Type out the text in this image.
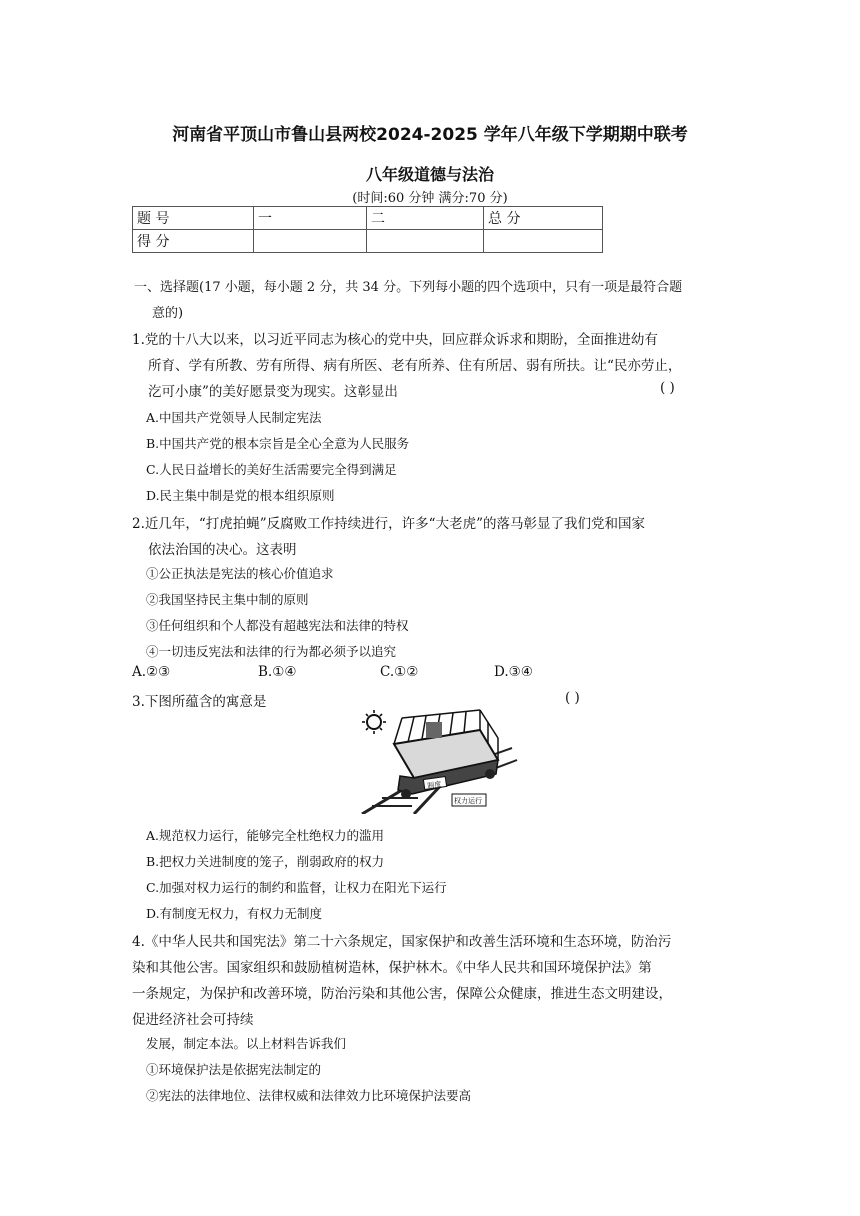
河南省平顶山市鲁山县两校2024-2025 学年八年级下学期期中联考
八年级道德与法治
(时间:60 分钟 满分:70 分)
题 号	一	二	总 分
得 分			
一、选择题(17 小题，每小题 2 分，共 34 分。下列每小题的四个选项中，只有一项是最符合题
意的)
1.党的十八大以来，以习近平同志为核心的党中央，回应群众诉求和期盼，全面推进幼有
所育、学有所教、劳有所得、病有所医、老有所养、住有所居、弱有所扶。让“民亦劳止，
汔可小康”的美好愿景变为现实。这彰显出	( )
A.中国共产党领导人民制定宪法
B.中国共产党的根本宗旨是全心全意为人民服务
C.人民日益增长的美好生活需要完全得到满足
D.民主集中制是党的根本组织原则
2.近几年，“打虎拍蝇”反腐败工作持续进行，许多“大老虎”的落马彰显了我们党和国家
依法治国的决心。这表明
①公正执法是宪法的核心价值追求
②我国坚持民主集中制的原则
③任何组织和个人都没有超越宪法和法律的特权
④一切违反宪法和法律的行为都必须予以追究
A.②③	B.①④	C.①②	D.③④
3.下图所蕴含的寓意是	( )
制度
权力运行
A.规范权力运行，能够完全杜绝权力的滥用
B.把权力关进制度的笼子，削弱政府的权力
C.加强对权力运行的制约和监督，让权力在阳光下运行
D.有制度无权力，有权力无制度
4.《中华人民共和国宪法》第二十六条规定，国家保护和改善生活环境和生态环境，防治污
染和其他公害。国家组织和鼓励植树造林，保护林木。《中华人民共和国环境保护法》第
一条规定，为保护和改善环境，防治污染和其他公害，保障公众健康，推进生态文明建设，
促进经济社会可持续
发展，制定本法。以上材料告诉我们
①环境保护法是依据宪法制定的
②宪法的法律地位、法律权威和法律效力比环境保护法要高
